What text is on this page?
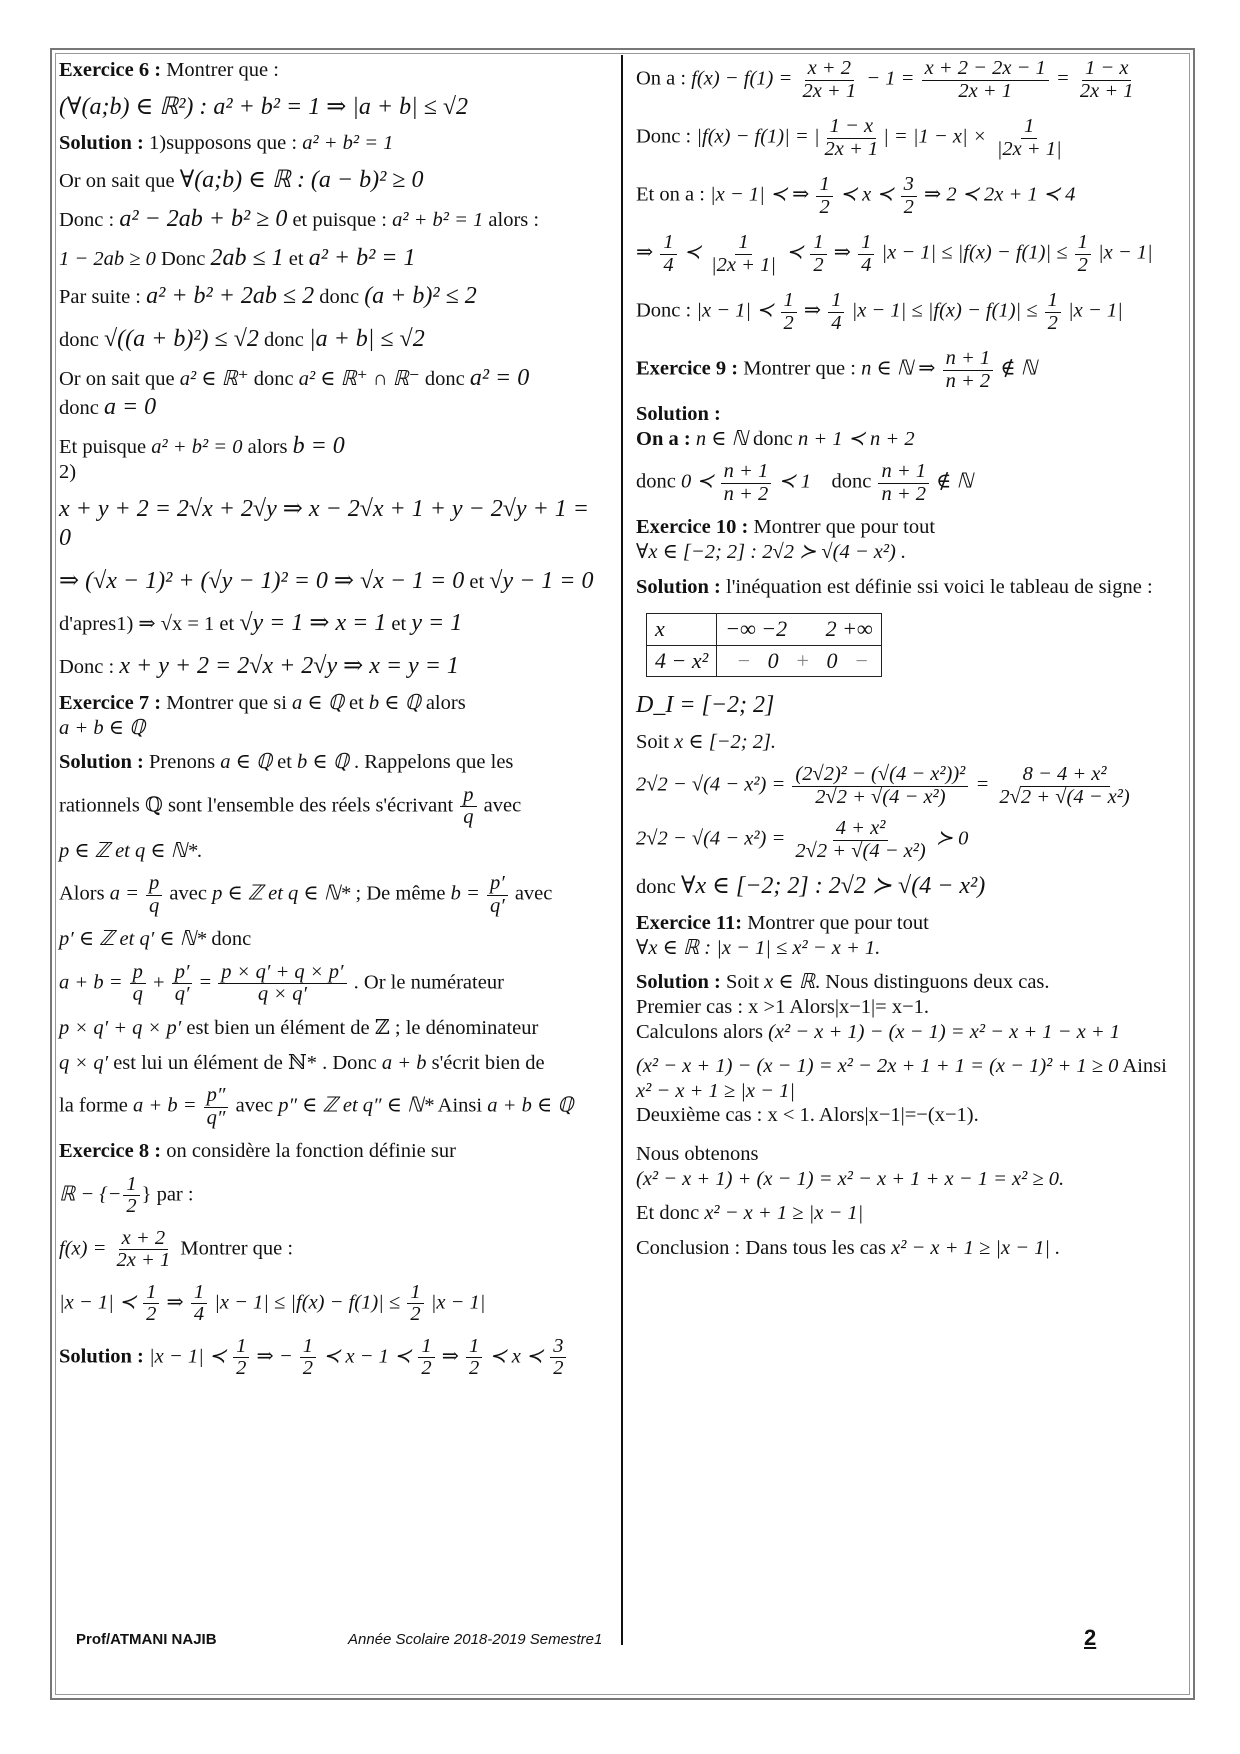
Exercice 6 : Montrer que :

(∀(a;b) ∈ ℝ²) : a² + b² = 1 ⇒ |a + b| ≤ √2

Solution : 1)supposons que : a² + b² = 1

Or on sait que ∀(a;b) ∈ ℝ : (a − b)² ≥ 0

Donc : a² − 2ab + b² ≥ 0 et puisque : a² + b² = 1 alors :

1 − 2ab ≥ 0 Donc 2ab ≤ 1 et a² + b² = 1

Par suite : a² + b² + 2ab ≤ 2 donc (a + b)² ≤ 2

donc √((a + b)²) ≤ √2 donc |a + b| ≤ √2

Or on sait que a² ∈ ℝ⁺ donc a² ∈ ℝ⁺ ∩ ℝ⁻ donc a² = 0
donc a = 0

Et puisque a² + b² = 0 alors b = 0
2)

x + y + 2 = 2√x + 2√y ⇒ x − 2√x + 1 + y − 2√y + 1 = 0

⇒ (√x − 1)² + (√y − 1)² = 0 ⇒ √x − 1 = 0 et √y − 1 = 0

d'apres1) ⇒ √x = 1 et √y = 1 ⇒ x = 1 et y = 1

Donc : x + y + 2 = 2√x + 2√y ⇒ x = y = 1

Exercice 7 : Montrer que si a ∈ ℚ et b ∈ ℚ alors
a + b ∈ ℚ

Solution : Prenons a ∈ ℚ et b ∈ ℚ . Rappelons que les

rationnels ℚ sont l'ensemble des réels s'écrivant $\frac{p}{q}$ avec

p ∈ ℤ et q ∈ ℕ*.

Alors $a = \frac{p}{q}$ avec p ∈ ℤ et q ∈ ℕ* ; De même $b = \frac{p'}{q'}$ avec

p′ ∈ ℤ et q′ ∈ ℕ* donc

$a + b = \frac{p}{q} + \frac{p'}{q'} = \frac{p \times q' + q \times p'}{q \times q'}$ . Or le numérateur

p × q′ + q × p′ est bien un élément de ℤ ; le dénominateur

q × q′ est lui un élément de ℕ* . Donc a + b s'écrit bien de

la forme $a + b = \frac{p''}{q''}$ avec p″ ∈ ℤ et q″ ∈ ℕ* Ainsi a + b ∈ ℚ

Exercice 8 : on considère la fonction définie sur

ℝ − {− $\frac{1}{2}$ } par :

$f(x) = \frac{x + 2}{2x + 1}$ Montrer que :

|x − 1| ≺ $\frac{1}{2}$ ⇒ $\frac{1}{4} |x - 1| \le |f(x) - f(1)| \le \frac{1}{2} |x - 1|$

Solution : |x − 1| ≺ $\frac{1}{2}$ ⇒ − $\frac{1}{2}$ ≺ x − 1 ≺ $\frac{1}{2}$ ⇒ $\frac{1}{2}$ ≺ x ≺ $\frac{3}{2}$

On a : $f(x) - f(1) = \frac{x + 2}{2x + 1} - 1 = \frac{x + 2 - 2x - 1}{2x + 1} = \frac{1 - x}{2x + 1}$

Donc : |f(x) − f(1)| = | $\frac{1 - x}{2x + 1}$ | = $|1 - x| \times \frac{1}{|2x + 1|}$

Et on a : |x − 1| ≺ ⇒ $\frac{1}{2}$ ≺ x ≺ $\frac{3}{2}$ ⇒ 2 ≺ 2x + 1 ≺ 4

⇒ $\frac{1}{4}$ ≺ $\frac{1}{|2x + 1|}$ ≺ $\frac{1}{2}$ ⇒ $\frac{1}{4} |x - 1| \le |f(x) - f(1)| \le \frac{1}{2} |x - 1|$

Donc : |x − 1| ≺ $\frac{1}{2}$ ⇒ $\frac{1}{4} |x - 1| \le |f(x) - f(1)| \le \frac{1}{2} |x - 1|$

Exercice 9 : Montrer que : n ∈ ℕ ⇒ $\frac{n + 1}{n + 2}$ ∉ ℕ

Solution :
On a : n ∈ ℕ donc n + 1 ≺ n + 2

donc 0 ≺ $\frac{n + 1}{n + 2}$ ≺ 1 donc $\frac{n + 1}{n + 2}$ ∉ ℕ

Exercice 10 : Montrer que pour tout
∀x ∈ [−2; 2] : 2√2 ≻ √(4 − x²) .

Solution : l'inéquation est définie ssi voici le tableau de signe :

x	−∞ −2 2 +∞
4 − x²	− 0 + 0 −

D_I = [−2; 2]

Soit x ∈ [−2; 2].

$2√2 - √(4 - x^2) = \frac{\text{(2√2)² − (√(4 − x²))²}}{\text{2√2 + √(4 − x²)}} = \frac{\text{8 − 4 + x²}}{\text{2√2 + √(4 − x²)}}$

$2√2 - √(4 - x^2) = \frac{\text{4 + x²}}{\text{2√2 + √(4 − x²)}}$ ≻ 0

donc ∀x ∈ [−2; 2] : 2√2 ≻ √(4 − x²)

Exercice 11: Montrer que pour tout
∀x ∈ ℝ : |x − 1| ≤ x² − x + 1.

Solution : Soit x ∈ ℝ. Nous distinguons deux cas.
Premier cas : x >1 Alors|x−1|= x−1.
Calculons alors (x² − x + 1) − (x − 1) = x² − x + 1 − x + 1

(x² − x + 1) − (x − 1) = x² − 2x + 1 + 1 = (x − 1)² + 1 ≥ 0 Ainsi
x² − x + 1 ≥ |x − 1|
Deuxième cas : x < 1. Alors|x−1|=−(x−1).

Nous obtenons
(x² − x + 1) + (x − 1) = x² − x + 1 + x − 1 = x² ≥ 0.

Et donc x² − x + 1 ≥ |x − 1|

Conclusion : Dans tous les cas x² − x + 1 ≥ |x − 1| .

Prof/ATMANI NAJIB	Année Scolaire 2018-2019 Semestre1	2
